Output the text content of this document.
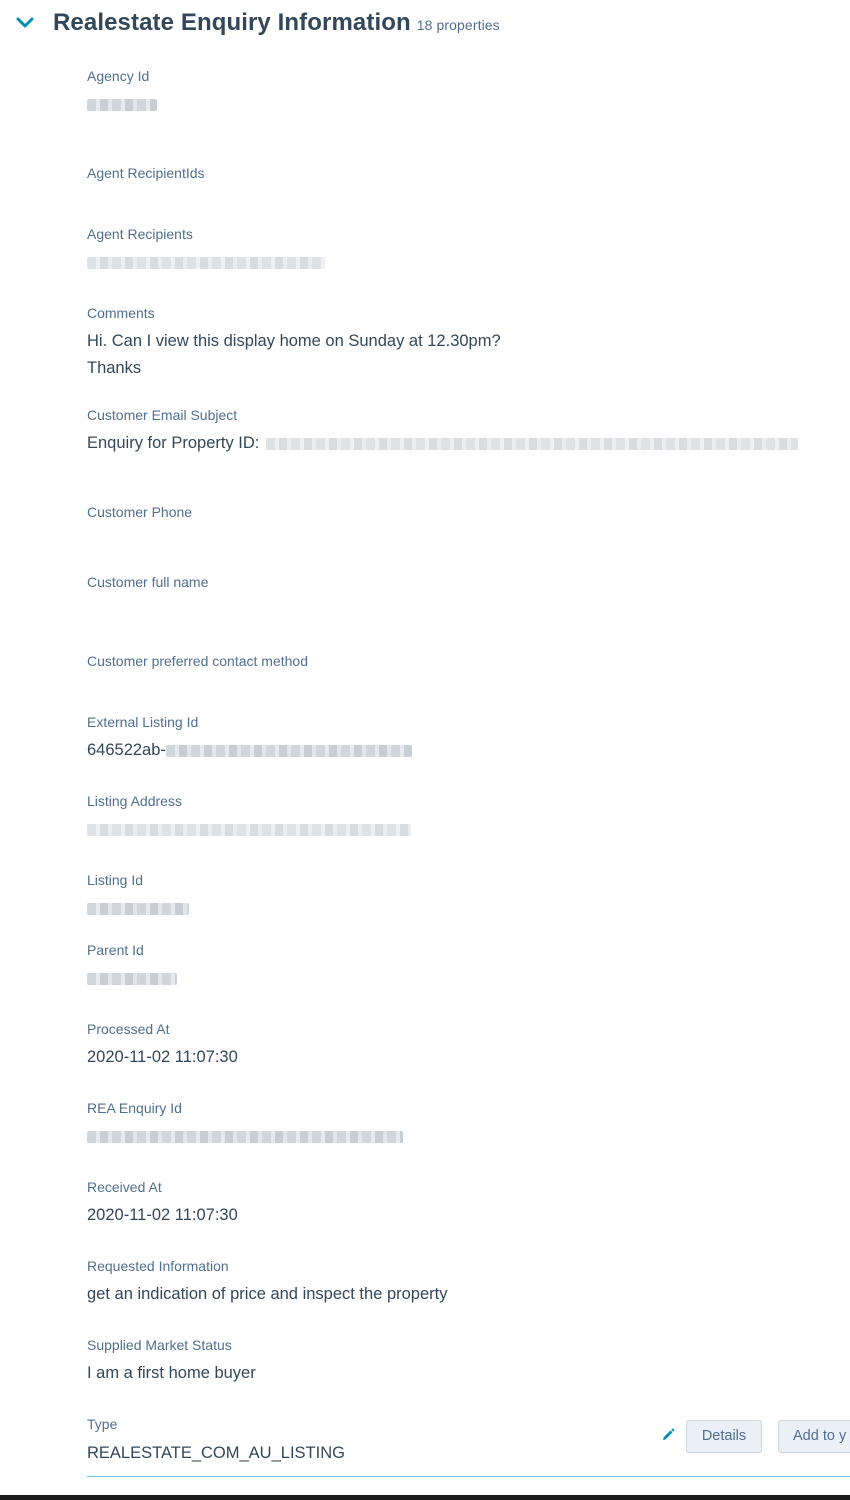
Realestate Enquiry Information 18 properties
Agency Id
Agent RecipientIds
Agent Recipients
Comments
Hi. Can I view this display home on Sunday at 12.30pm?
Thanks
Customer Email Subject
Enquiry for Property ID:
Customer Phone
Customer full name
Customer preferred contact method
External Listing Id
646522ab-
Listing Address
Listing Id
Parent Id
Processed At
2020-11-02 11:07:30
REA Enquiry Id
Received At
2020-11-02 11:07:30
Requested Information
get an indication of price and inspect the property
Supplied Market Status
I am a first home buyer
Type
REALESTATE_COM_AU_LISTING
Details	Add to y
